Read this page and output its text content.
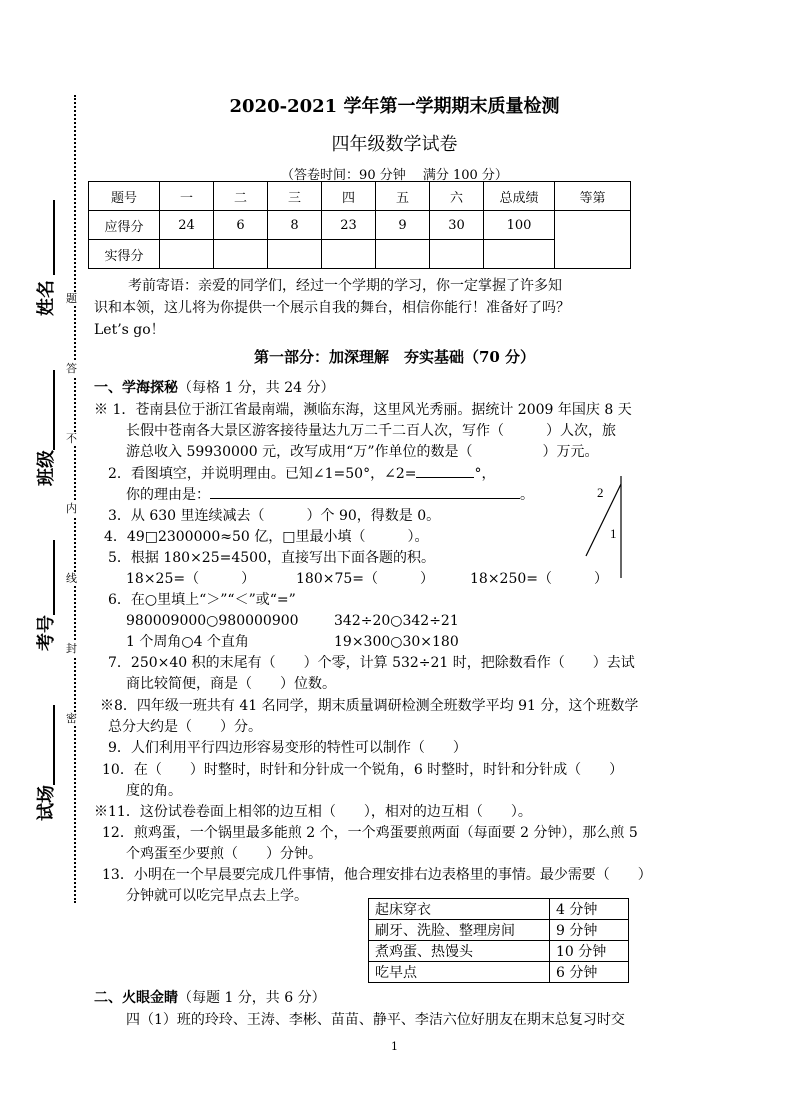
题
答
不
内
线
封
密
姓名
班级
考号
试场
2020-2021 学年第一学期期末质量检测
四年级数学试卷
（答卷时间：90 分钟　 满分 100 分）
题号	一	二	三	四	五	六	总成绩	等第
应得分	24	6	8	23	9	30	100	
实得分								
考前寄语：亲爱的同学们，经过一个学期的学习，你一定掌握了许多知
识和本领，这儿将为你提供一个展示自我的舞台，相信你能行！准备好了吗？
Let’s go！
第一部分：加深理解　夯实基础（70 分）
一、学海探秘（每格 1 分，共 24 分）
※ 1．苍南县位于浙江省最南端，濒临东海，这里风光秀丽。据统计 2009 年国庆 8 天
长假中苍南各大景区游客接待量达九万二千二百人次，写作（　　　）人次，旅
游总收入 59930000 元，改写成用“万”作单位的数是（　　　　　）万元。
2．看图填空，并说明理由。已知∠1=50°，∠2=	°，
你的理由是：	。	2
1
3．从 630 里连续减去（　　　）个 90，得数是 0。
4．49□2300000≈50 亿，□里最小填（　　　）。
5．根据 180×25=4500，直接写出下面各题的积。
18×25=（　　　）	180×75=（　　　）	18×250=（　　　）
6．在○里填上“＞”“＜”或“=”
980009000○980000900	342÷20○342÷21
1 个周角○4 个直角	19×300○30×180
7．250×40 积的末尾有（　　）个零，计算 532÷21 时，把除数看作（　　）去试
商比较简便，商是（　　）位数。
※8．四年级一班共有 41 名同学，期末质量调研检测全班数学平均 91 分，这个班数学
总分大约是（　　）分。
9．人们利用平行四边形容易变形的特性可以制作（　　）
10．在（　　）时整时，时针和分针成一个锐角，6 时整时，时针和分针成（　　）
度的角。
※11．这份试卷卷面上相邻的边互相（　　），相对的边互相（　　）。
12．煎鸡蛋，一个锅里最多能煎 2 个，一个鸡蛋要煎两面（每面要 2 分钟），那么煎 5
个鸡蛋至少要煎（　　）分钟。
13．小明在一个早晨要完成几件事情，他合理安排右边表格里的事情。最少需要（　　）
分钟就可以吃完早点去上学。
起床穿衣	4 分钟
刷牙、洗脸、整理房间	9 分钟
煮鸡蛋、热馒头	10 分钟
吃早点	6 分钟
二、火眼金睛（每题 1 分，共 6 分）
四（1）班的玲玲、王涛、李彬、苗苗、静平、李洁六位好朋友在期末总复习时交
1
